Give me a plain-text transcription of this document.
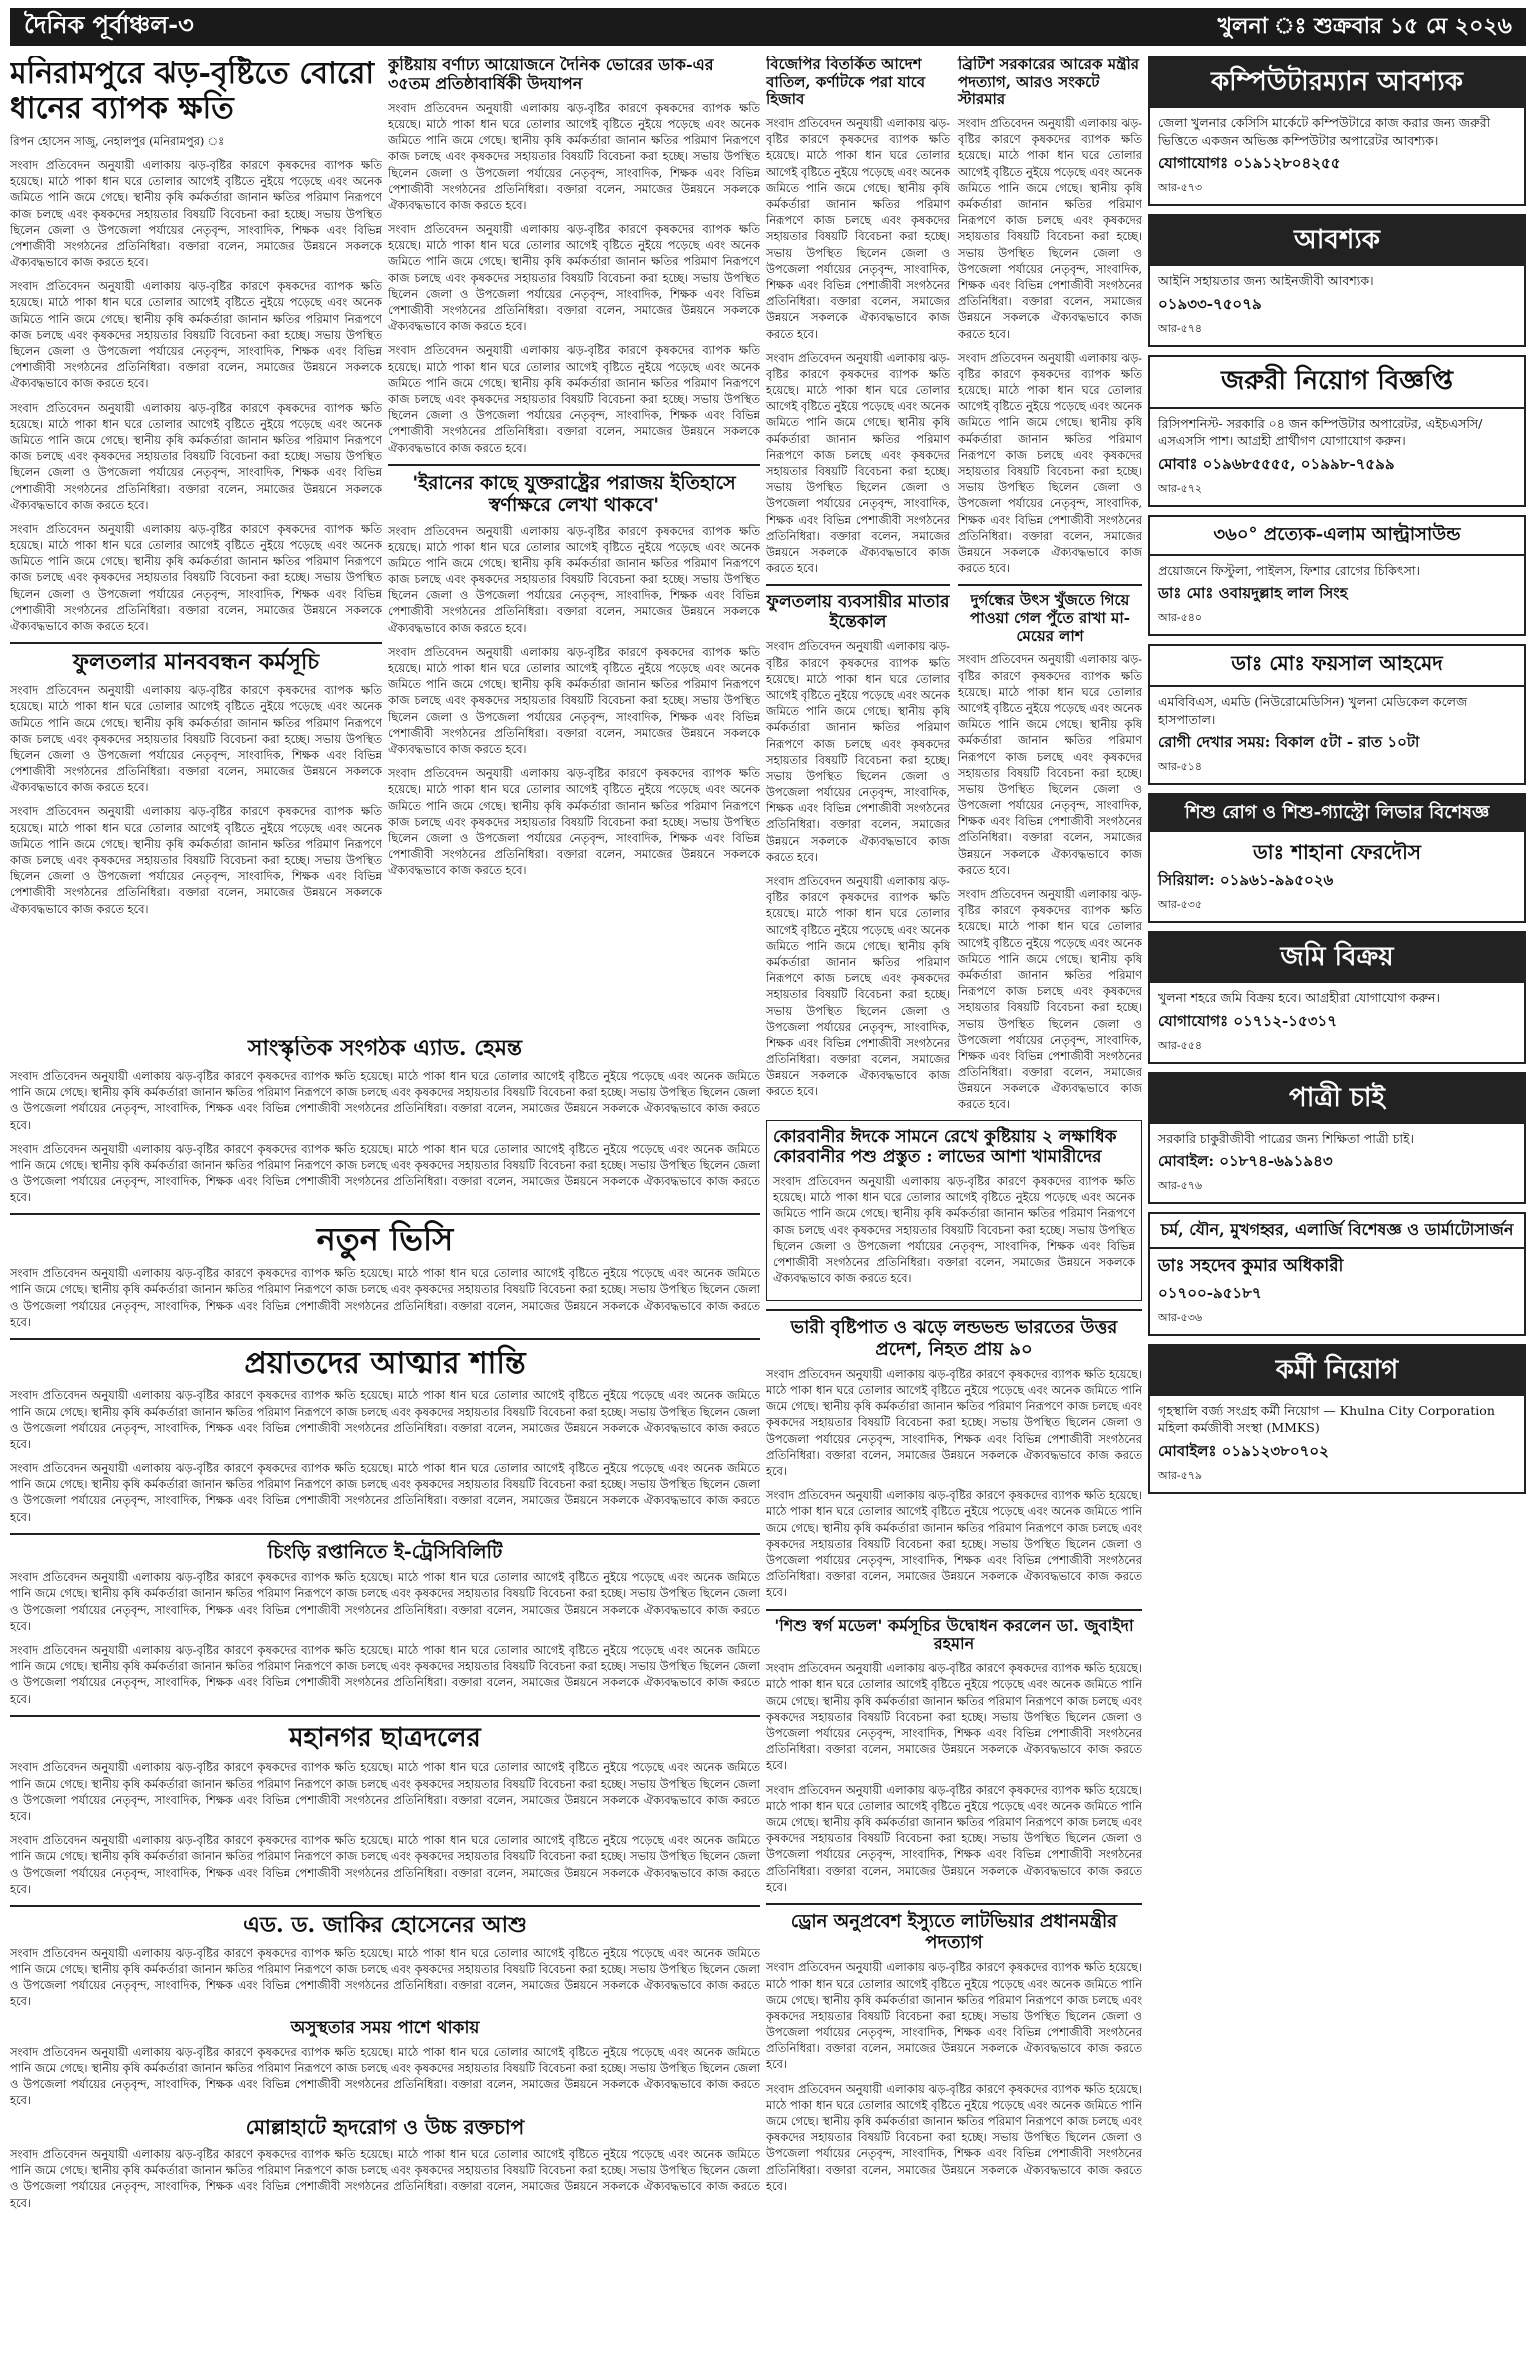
দৈনিক পূর্বাঞ্চল-৩	খুলনা ঃ শুক্রবার ১৫ মে ২০২৬
মনিরামপুরে ঝড়-বৃষ্টিতে বোরো ধানের ব্যাপক ক্ষতি

রিপন হোসেন সাজু, নেহালপুর (মনিরামপুর) ঃ

সংবাদ প্রতিবেদন অনুযায়ী এলাকায় ঝড়-বৃষ্টির কারণে কৃষকদের ব্যাপক ক্ষতি হয়েছে। মাঠে পাকা ধান ঘরে তোলার আগেই বৃষ্টিতে নুইয়ে পড়েছে এবং অনেক জমিতে পানি জমে গেছে। স্থানীয় কৃষি কর্মকর্তারা জানান ক্ষতির পরিমাণ নিরূপণে কাজ চলছে এবং কৃষকদের সহায়তার বিষয়টি বিবেচনা করা হচ্ছে। সভায় উপস্থিত ছিলেন জেলা ও উপজেলা পর্যায়ের নেতৃবৃন্দ, সাংবাদিক, শিক্ষক এবং বিভিন্ন পেশাজীবী সংগঠনের প্রতিনিধিরা। বক্তারা বলেন, সমাজের উন্নয়নে সকলকে ঐক্যবদ্ধভাবে কাজ করতে হবে।

সংবাদ প্রতিবেদন অনুযায়ী এলাকায় ঝড়-বৃষ্টির কারণে কৃষকদের ব্যাপক ক্ষতি হয়েছে। মাঠে পাকা ধান ঘরে তোলার আগেই বৃষ্টিতে নুইয়ে পড়েছে এবং অনেক জমিতে পানি জমে গেছে। স্থানীয় কৃষি কর্মকর্তারা জানান ক্ষতির পরিমাণ নিরূপণে কাজ চলছে এবং কৃষকদের সহায়তার বিষয়টি বিবেচনা করা হচ্ছে। সভায় উপস্থিত ছিলেন জেলা ও উপজেলা পর্যায়ের নেতৃবৃন্দ, সাংবাদিক, শিক্ষক এবং বিভিন্ন পেশাজীবী সংগঠনের প্রতিনিধিরা। বক্তারা বলেন, সমাজের উন্নয়নে সকলকে ঐক্যবদ্ধভাবে কাজ করতে হবে।

সংবাদ প্রতিবেদন অনুযায়ী এলাকায় ঝড়-বৃষ্টির কারণে কৃষকদের ব্যাপক ক্ষতি হয়েছে। মাঠে পাকা ধান ঘরে তোলার আগেই বৃষ্টিতে নুইয়ে পড়েছে এবং অনেক জমিতে পানি জমে গেছে। স্থানীয় কৃষি কর্মকর্তারা জানান ক্ষতির পরিমাণ নিরূপণে কাজ চলছে এবং কৃষকদের সহায়তার বিষয়টি বিবেচনা করা হচ্ছে। সভায় উপস্থিত ছিলেন জেলা ও উপজেলা পর্যায়ের নেতৃবৃন্দ, সাংবাদিক, শিক্ষক এবং বিভিন্ন পেশাজীবী সংগঠনের প্রতিনিধিরা। বক্তারা বলেন, সমাজের উন্নয়নে সকলকে ঐক্যবদ্ধভাবে কাজ করতে হবে।

সংবাদ প্রতিবেদন অনুযায়ী এলাকায় ঝড়-বৃষ্টির কারণে কৃষকদের ব্যাপক ক্ষতি হয়েছে। মাঠে পাকা ধান ঘরে তোলার আগেই বৃষ্টিতে নুইয়ে পড়েছে এবং অনেক জমিতে পানি জমে গেছে। স্থানীয় কৃষি কর্মকর্তারা জানান ক্ষতির পরিমাণ নিরূপণে কাজ চলছে এবং কৃষকদের সহায়তার বিষয়টি বিবেচনা করা হচ্ছে। সভায় উপস্থিত ছিলেন জেলা ও উপজেলা পর্যায়ের নেতৃবৃন্দ, সাংবাদিক, শিক্ষক এবং বিভিন্ন পেশাজীবী সংগঠনের প্রতিনিধিরা। বক্তারা বলেন, সমাজের উন্নয়নে সকলকে ঐক্যবদ্ধভাবে কাজ করতে হবে।

ফুলতলার মানববন্ধন কর্মসূচি

সংবাদ প্রতিবেদন অনুযায়ী এলাকায় ঝড়-বৃষ্টির কারণে কৃষকদের ব্যাপক ক্ষতি হয়েছে। মাঠে পাকা ধান ঘরে তোলার আগেই বৃষ্টিতে নুইয়ে পড়েছে এবং অনেক জমিতে পানি জমে গেছে। স্থানীয় কৃষি কর্মকর্তারা জানান ক্ষতির পরিমাণ নিরূপণে কাজ চলছে এবং কৃষকদের সহায়তার বিষয়টি বিবেচনা করা হচ্ছে। সভায় উপস্থিত ছিলেন জেলা ও উপজেলা পর্যায়ের নেতৃবৃন্দ, সাংবাদিক, শিক্ষক এবং বিভিন্ন পেশাজীবী সংগঠনের প্রতিনিধিরা। বক্তারা বলেন, সমাজের উন্নয়নে সকলকে ঐক্যবদ্ধভাবে কাজ করতে হবে।

সংবাদ প্রতিবেদন অনুযায়ী এলাকায় ঝড়-বৃষ্টির কারণে কৃষকদের ব্যাপক ক্ষতি হয়েছে। মাঠে পাকা ধান ঘরে তোলার আগেই বৃষ্টিতে নুইয়ে পড়েছে এবং অনেক জমিতে পানি জমে গেছে। স্থানীয় কৃষি কর্মকর্তারা জানান ক্ষতির পরিমাণ নিরূপণে কাজ চলছে এবং কৃষকদের সহায়তার বিষয়টি বিবেচনা করা হচ্ছে। সভায় উপস্থিত ছিলেন জেলা ও উপজেলা পর্যায়ের নেতৃবৃন্দ, সাংবাদিক, শিক্ষক এবং বিভিন্ন পেশাজীবী সংগঠনের প্রতিনিধিরা। বক্তারা বলেন, সমাজের উন্নয়নে সকলকে ঐক্যবদ্ধভাবে কাজ করতে হবে।

কুষ্টিয়ায় বর্ণাঢ্য আয়োজনে দৈনিক ভোরের ডাক-এর ৩৫তম প্রতিষ্ঠাবার্ষিকী উদযাপন

সংবাদ প্রতিবেদন অনুযায়ী এলাকায় ঝড়-বৃষ্টির কারণে কৃষকদের ব্যাপক ক্ষতি হয়েছে। মাঠে পাকা ধান ঘরে তোলার আগেই বৃষ্টিতে নুইয়ে পড়েছে এবং অনেক জমিতে পানি জমে গেছে। স্থানীয় কৃষি কর্মকর্তারা জানান ক্ষতির পরিমাণ নিরূপণে কাজ চলছে এবং কৃষকদের সহায়তার বিষয়টি বিবেচনা করা হচ্ছে। সভায় উপস্থিত ছিলেন জেলা ও উপজেলা পর্যায়ের নেতৃবৃন্দ, সাংবাদিক, শিক্ষক এবং বিভিন্ন পেশাজীবী সংগঠনের প্রতিনিধিরা। বক্তারা বলেন, সমাজের উন্নয়নে সকলকে ঐক্যবদ্ধভাবে কাজ করতে হবে।

সংবাদ প্রতিবেদন অনুযায়ী এলাকায় ঝড়-বৃষ্টির কারণে কৃষকদের ব্যাপক ক্ষতি হয়েছে। মাঠে পাকা ধান ঘরে তোলার আগেই বৃষ্টিতে নুইয়ে পড়েছে এবং অনেক জমিতে পানি জমে গেছে। স্থানীয় কৃষি কর্মকর্তারা জানান ক্ষতির পরিমাণ নিরূপণে কাজ চলছে এবং কৃষকদের সহায়তার বিষয়টি বিবেচনা করা হচ্ছে। সভায় উপস্থিত ছিলেন জেলা ও উপজেলা পর্যায়ের নেতৃবৃন্দ, সাংবাদিক, শিক্ষক এবং বিভিন্ন পেশাজীবী সংগঠনের প্রতিনিধিরা। বক্তারা বলেন, সমাজের উন্নয়নে সকলকে ঐক্যবদ্ধভাবে কাজ করতে হবে।

সংবাদ প্রতিবেদন অনুযায়ী এলাকায় ঝড়-বৃষ্টির কারণে কৃষকদের ব্যাপক ক্ষতি হয়েছে। মাঠে পাকা ধান ঘরে তোলার আগেই বৃষ্টিতে নুইয়ে পড়েছে এবং অনেক জমিতে পানি জমে গেছে। স্থানীয় কৃষি কর্মকর্তারা জানান ক্ষতির পরিমাণ নিরূপণে কাজ চলছে এবং কৃষকদের সহায়তার বিষয়টি বিবেচনা করা হচ্ছে। সভায় উপস্থিত ছিলেন জেলা ও উপজেলা পর্যায়ের নেতৃবৃন্দ, সাংবাদিক, শিক্ষক এবং বিভিন্ন পেশাজীবী সংগঠনের প্রতিনিধিরা। বক্তারা বলেন, সমাজের উন্নয়নে সকলকে ঐক্যবদ্ধভাবে কাজ করতে হবে।

'ইরানের কাছে যুক্তরাষ্ট্রের পরাজয় ইতিহাসে স্বর্ণাক্ষরে লেখা থাকবে'

সংবাদ প্রতিবেদন অনুযায়ী এলাকায় ঝড়-বৃষ্টির কারণে কৃষকদের ব্যাপক ক্ষতি হয়েছে। মাঠে পাকা ধান ঘরে তোলার আগেই বৃষ্টিতে নুইয়ে পড়েছে এবং অনেক জমিতে পানি জমে গেছে। স্থানীয় কৃষি কর্মকর্তারা জানান ক্ষতির পরিমাণ নিরূপণে কাজ চলছে এবং কৃষকদের সহায়তার বিষয়টি বিবেচনা করা হচ্ছে। সভায় উপস্থিত ছিলেন জেলা ও উপজেলা পর্যায়ের নেতৃবৃন্দ, সাংবাদিক, শিক্ষক এবং বিভিন্ন পেশাজীবী সংগঠনের প্রতিনিধিরা। বক্তারা বলেন, সমাজের উন্নয়নে সকলকে ঐক্যবদ্ধভাবে কাজ করতে হবে।

সংবাদ প্রতিবেদন অনুযায়ী এলাকায় ঝড়-বৃষ্টির কারণে কৃষকদের ব্যাপক ক্ষতি হয়েছে। মাঠে পাকা ধান ঘরে তোলার আগেই বৃষ্টিতে নুইয়ে পড়েছে এবং অনেক জমিতে পানি জমে গেছে। স্থানীয় কৃষি কর্মকর্তারা জানান ক্ষতির পরিমাণ নিরূপণে কাজ চলছে এবং কৃষকদের সহায়তার বিষয়টি বিবেচনা করা হচ্ছে। সভায় উপস্থিত ছিলেন জেলা ও উপজেলা পর্যায়ের নেতৃবৃন্দ, সাংবাদিক, শিক্ষক এবং বিভিন্ন পেশাজীবী সংগঠনের প্রতিনিধিরা। বক্তারা বলেন, সমাজের উন্নয়নে সকলকে ঐক্যবদ্ধভাবে কাজ করতে হবে।

সংবাদ প্রতিবেদন অনুযায়ী এলাকায় ঝড়-বৃষ্টির কারণে কৃষকদের ব্যাপক ক্ষতি হয়েছে। মাঠে পাকা ধান ঘরে তোলার আগেই বৃষ্টিতে নুইয়ে পড়েছে এবং অনেক জমিতে পানি জমে গেছে। স্থানীয় কৃষি কর্মকর্তারা জানান ক্ষতির পরিমাণ নিরূপণে কাজ চলছে এবং কৃষকদের সহায়তার বিষয়টি বিবেচনা করা হচ্ছে। সভায় উপস্থিত ছিলেন জেলা ও উপজেলা পর্যায়ের নেতৃবৃন্দ, সাংবাদিক, শিক্ষক এবং বিভিন্ন পেশাজীবী সংগঠনের প্রতিনিধিরা। বক্তারা বলেন, সমাজের উন্নয়নে সকলকে ঐক্যবদ্ধভাবে কাজ করতে হবে।

বিজেপির বিতর্কিত আদেশ বাতিল, কর্ণাটকে পরা যাবে হিজাব

সংবাদ প্রতিবেদন অনুযায়ী এলাকায় ঝড়-বৃষ্টির কারণে কৃষকদের ব্যাপক ক্ষতি হয়েছে। মাঠে পাকা ধান ঘরে তোলার আগেই বৃষ্টিতে নুইয়ে পড়েছে এবং অনেক জমিতে পানি জমে গেছে। স্থানীয় কৃষি কর্মকর্তারা জানান ক্ষতির পরিমাণ নিরূপণে কাজ চলছে এবং কৃষকদের সহায়তার বিষয়টি বিবেচনা করা হচ্ছে। সভায় উপস্থিত ছিলেন জেলা ও উপজেলা পর্যায়ের নেতৃবৃন্দ, সাংবাদিক, শিক্ষক এবং বিভিন্ন পেশাজীবী সংগঠনের প্রতিনিধিরা। বক্তারা বলেন, সমাজের উন্নয়নে সকলকে ঐক্যবদ্ধভাবে কাজ করতে হবে।

সংবাদ প্রতিবেদন অনুযায়ী এলাকায় ঝড়-বৃষ্টির কারণে কৃষকদের ব্যাপক ক্ষতি হয়েছে। মাঠে পাকা ধান ঘরে তোলার আগেই বৃষ্টিতে নুইয়ে পড়েছে এবং অনেক জমিতে পানি জমে গেছে। স্থানীয় কৃষি কর্মকর্তারা জানান ক্ষতির পরিমাণ নিরূপণে কাজ চলছে এবং কৃষকদের সহায়তার বিষয়টি বিবেচনা করা হচ্ছে। সভায় উপস্থিত ছিলেন জেলা ও উপজেলা পর্যায়ের নেতৃবৃন্দ, সাংবাদিক, শিক্ষক এবং বিভিন্ন পেশাজীবী সংগঠনের প্রতিনিধিরা। বক্তারা বলেন, সমাজের উন্নয়নে সকলকে ঐক্যবদ্ধভাবে কাজ করতে হবে।

ফুলতলায় ব্যবসায়ীর মাতার ইন্তেকাল

সংবাদ প্রতিবেদন অনুযায়ী এলাকায় ঝড়-বৃষ্টির কারণে কৃষকদের ব্যাপক ক্ষতি হয়েছে। মাঠে পাকা ধান ঘরে তোলার আগেই বৃষ্টিতে নুইয়ে পড়েছে এবং অনেক জমিতে পানি জমে গেছে। স্থানীয় কৃষি কর্মকর্তারা জানান ক্ষতির পরিমাণ নিরূপণে কাজ চলছে এবং কৃষকদের সহায়তার বিষয়টি বিবেচনা করা হচ্ছে। সভায় উপস্থিত ছিলেন জেলা ও উপজেলা পর্যায়ের নেতৃবৃন্দ, সাংবাদিক, শিক্ষক এবং বিভিন্ন পেশাজীবী সংগঠনের প্রতিনিধিরা। বক্তারা বলেন, সমাজের উন্নয়নে সকলকে ঐক্যবদ্ধভাবে কাজ করতে হবে।

সংবাদ প্রতিবেদন অনুযায়ী এলাকায় ঝড়-বৃষ্টির কারণে কৃষকদের ব্যাপক ক্ষতি হয়েছে। মাঠে পাকা ধান ঘরে তোলার আগেই বৃষ্টিতে নুইয়ে পড়েছে এবং অনেক জমিতে পানি জমে গেছে। স্থানীয় কৃষি কর্মকর্তারা জানান ক্ষতির পরিমাণ নিরূপণে কাজ চলছে এবং কৃষকদের সহায়তার বিষয়টি বিবেচনা করা হচ্ছে। সভায় উপস্থিত ছিলেন জেলা ও উপজেলা পর্যায়ের নেতৃবৃন্দ, সাংবাদিক, শিক্ষক এবং বিভিন্ন পেশাজীবী সংগঠনের প্রতিনিধিরা। বক্তারা বলেন, সমাজের উন্নয়নে সকলকে ঐক্যবদ্ধভাবে কাজ করতে হবে।

ব্রিটিশ সরকারের আরেক মন্ত্রীর পদত্যাগ, আরও সংকটে স্টারমার

সংবাদ প্রতিবেদন অনুযায়ী এলাকায় ঝড়-বৃষ্টির কারণে কৃষকদের ব্যাপক ক্ষতি হয়েছে। মাঠে পাকা ধান ঘরে তোলার আগেই বৃষ্টিতে নুইয়ে পড়েছে এবং অনেক জমিতে পানি জমে গেছে। স্থানীয় কৃষি কর্মকর্তারা জানান ক্ষতির পরিমাণ নিরূপণে কাজ চলছে এবং কৃষকদের সহায়তার বিষয়টি বিবেচনা করা হচ্ছে। সভায় উপস্থিত ছিলেন জেলা ও উপজেলা পর্যায়ের নেতৃবৃন্দ, সাংবাদিক, শিক্ষক এবং বিভিন্ন পেশাজীবী সংগঠনের প্রতিনিধিরা। বক্তারা বলেন, সমাজের উন্নয়নে সকলকে ঐক্যবদ্ধভাবে কাজ করতে হবে।

সংবাদ প্রতিবেদন অনুযায়ী এলাকায় ঝড়-বৃষ্টির কারণে কৃষকদের ব্যাপক ক্ষতি হয়েছে। মাঠে পাকা ধান ঘরে তোলার আগেই বৃষ্টিতে নুইয়ে পড়েছে এবং অনেক জমিতে পানি জমে গেছে। স্থানীয় কৃষি কর্মকর্তারা জানান ক্ষতির পরিমাণ নিরূপণে কাজ চলছে এবং কৃষকদের সহায়তার বিষয়টি বিবেচনা করা হচ্ছে। সভায় উপস্থিত ছিলেন জেলা ও উপজেলা পর্যায়ের নেতৃবৃন্দ, সাংবাদিক, শিক্ষক এবং বিভিন্ন পেশাজীবী সংগঠনের প্রতিনিধিরা। বক্তারা বলেন, সমাজের উন্নয়নে সকলকে ঐক্যবদ্ধভাবে কাজ করতে হবে।

দুর্গন্ধের উৎস খুঁজতে গিয়ে পাওয়া গেল পুঁতে রাখা মা-মেয়ের লাশ

সংবাদ প্রতিবেদন অনুযায়ী এলাকায় ঝড়-বৃষ্টির কারণে কৃষকদের ব্যাপক ক্ষতি হয়েছে। মাঠে পাকা ধান ঘরে তোলার আগেই বৃষ্টিতে নুইয়ে পড়েছে এবং অনেক জমিতে পানি জমে গেছে। স্থানীয় কৃষি কর্মকর্তারা জানান ক্ষতির পরিমাণ নিরূপণে কাজ চলছে এবং কৃষকদের সহায়তার বিষয়টি বিবেচনা করা হচ্ছে। সভায় উপস্থিত ছিলেন জেলা ও উপজেলা পর্যায়ের নেতৃবৃন্দ, সাংবাদিক, শিক্ষক এবং বিভিন্ন পেশাজীবী সংগঠনের প্রতিনিধিরা। বক্তারা বলেন, সমাজের উন্নয়নে সকলকে ঐক্যবদ্ধভাবে কাজ করতে হবে।

সংবাদ প্রতিবেদন অনুযায়ী এলাকায় ঝড়-বৃষ্টির কারণে কৃষকদের ব্যাপক ক্ষতি হয়েছে। মাঠে পাকা ধান ঘরে তোলার আগেই বৃষ্টিতে নুইয়ে পড়েছে এবং অনেক জমিতে পানি জমে গেছে। স্থানীয় কৃষি কর্মকর্তারা জানান ক্ষতির পরিমাণ নিরূপণে কাজ চলছে এবং কৃষকদের সহায়তার বিষয়টি বিবেচনা করা হচ্ছে। সভায় উপস্থিত ছিলেন জেলা ও উপজেলা পর্যায়ের নেতৃবৃন্দ, সাংবাদিক, শিক্ষক এবং বিভিন্ন পেশাজীবী সংগঠনের প্রতিনিধিরা। বক্তারা বলেন, সমাজের উন্নয়নে সকলকে ঐক্যবদ্ধভাবে কাজ করতে হবে।

কম্পিউটারম্যান আবশ্যক
জেলা খুলনার কেসিসি মার্কেটে কম্পিউটারে কাজ করার জন্য জরুরী ভিত্তিতে একজন অভিজ্ঞ কম্পিউটার অপারেটর আবশ্যক।
যোগাযোগঃ ০১৯১২৮০৪২৫৫
আর-৫৭৩
আবশ্যক
আইনি সহায়তার জন্য আইনজীবী আবশ্যক।
০১৯৩৩-৭৫০৭৯
আর-৫৭৪
জরুরী নিয়োগ বিজ্ঞপ্তি
রিসিপশনিস্ট- সরকারি ০৪ জন কম্পিউটার অপারেটর, এইচএসসি/এসএসসি পাশ। আগ্রহী প্রার্থীগণ যোগাযোগ করুন।
মোবাঃ ০১৯৬৮৫৫৫৫, ০১৯৯৮-৭৫৯৯
আর-৫৭২
৩৬০° প্রত্যেক-এলাম আল্ট্রাসাউন্ড
প্রয়োজনে ফিস্টুলা, পাইলস, ফিশার রোগের চিকিৎসা।
ডাঃ মোঃ ওবায়দুল্লাহ লাল সিংহ
আর-৫৪০
ডাঃ মোঃ ফয়সাল আহমেদ
এমবিবিএস, এমডি (নিউরোমেডিসিন) খুলনা মেডিকেল কলেজ হাসপাতাল।
রোগী দেখার সময়: বিকাল ৫টা - রাত ১০টা
আর-৫১৪
শিশু রোগ ও শিশু-গ্যাস্ট্রো লিভার বিশেষজ্ঞ
ডাঃ শাহানা ফেরদৌস
সিরিয়াল: ০১৯৬১-৯৯৫০২৬
আর-৫৩৫
জমি বিক্রয়
খুলনা শহরে জমি বিক্রয় হবে। আগ্রহীরা যোগাযোগ করুন।
যোগাযোগঃ ০১৭১২-১৫৩১৭
আর-৫৫৪
পাত্রী চাই
সরকারি চাকুরীজীবী পাত্রের জন্য শিক্ষিতা পাত্রী চাই।
মোবাইল: ০১৮৭৪-৬৯১৯৪৩
আর-৫৭৬
চর্ম, যৌন, মুখগহ্বর, এলার্জি বিশেষজ্ঞ ও ডার্মাটোসার্জন
ডাঃ সহদেব কুমার অধিকারী
০১৭০০-৯৫১৮৭
আর-৫৩৬
কর্মী নিয়োগ
গৃহস্থালি বর্জ্য সংগ্রহ কর্মী নিয়োগ — Khulna City Corporation মহিলা কর্মজীবী সংস্থা (MMKS)
মোবাইলঃ ০১৯১২৩৮০৭০২
আর-৫৭৯
কোরবানীর ঈদকে সামনে রেখে কুষ্টিয়ায় ২ লক্ষাধিক কোরবানীর পশু প্রস্তুত : লাভের আশা খামারীদের

সংবাদ প্রতিবেদন অনুযায়ী এলাকায় ঝড়-বৃষ্টির কারণে কৃষকদের ব্যাপক ক্ষতি হয়েছে। মাঠে পাকা ধান ঘরে তোলার আগেই বৃষ্টিতে নুইয়ে পড়েছে এবং অনেক জমিতে পানি জমে গেছে। স্থানীয় কৃষি কর্মকর্তারা জানান ক্ষতির পরিমাণ নিরূপণে কাজ চলছে এবং কৃষকদের সহায়তার বিষয়টি বিবেচনা করা হচ্ছে। সভায় উপস্থিত ছিলেন জেলা ও উপজেলা পর্যায়ের নেতৃবৃন্দ, সাংবাদিক, শিক্ষক এবং বিভিন্ন পেশাজীবী সংগঠনের প্রতিনিধিরা। বক্তারা বলেন, সমাজের উন্নয়নে সকলকে ঐক্যবদ্ধভাবে কাজ করতে হবে।

ভারী বৃষ্টিপাত ও ঝড়ে লন্ডভন্ড ভারতের উত্তর প্রদেশ, নিহত প্রায় ৯০

সংবাদ প্রতিবেদন অনুযায়ী এলাকায় ঝড়-বৃষ্টির কারণে কৃষকদের ব্যাপক ক্ষতি হয়েছে। মাঠে পাকা ধান ঘরে তোলার আগেই বৃষ্টিতে নুইয়ে পড়েছে এবং অনেক জমিতে পানি জমে গেছে। স্থানীয় কৃষি কর্মকর্তারা জানান ক্ষতির পরিমাণ নিরূপণে কাজ চলছে এবং কৃষকদের সহায়তার বিষয়টি বিবেচনা করা হচ্ছে। সভায় উপস্থিত ছিলেন জেলা ও উপজেলা পর্যায়ের নেতৃবৃন্দ, সাংবাদিক, শিক্ষক এবং বিভিন্ন পেশাজীবী সংগঠনের প্রতিনিধিরা। বক্তারা বলেন, সমাজের উন্নয়নে সকলকে ঐক্যবদ্ধভাবে কাজ করতে হবে।

সংবাদ প্রতিবেদন অনুযায়ী এলাকায় ঝড়-বৃষ্টির কারণে কৃষকদের ব্যাপক ক্ষতি হয়েছে। মাঠে পাকা ধান ঘরে তোলার আগেই বৃষ্টিতে নুইয়ে পড়েছে এবং অনেক জমিতে পানি জমে গেছে। স্থানীয় কৃষি কর্মকর্তারা জানান ক্ষতির পরিমাণ নিরূপণে কাজ চলছে এবং কৃষকদের সহায়তার বিষয়টি বিবেচনা করা হচ্ছে। সভায় উপস্থিত ছিলেন জেলা ও উপজেলা পর্যায়ের নেতৃবৃন্দ, সাংবাদিক, শিক্ষক এবং বিভিন্ন পেশাজীবী সংগঠনের প্রতিনিধিরা। বক্তারা বলেন, সমাজের উন্নয়নে সকলকে ঐক্যবদ্ধভাবে কাজ করতে হবে।

'শিশু স্বর্গ মডেল' কর্মসূচির উদ্বোধন করলেন ডা. জুবাইদা রহমান

সংবাদ প্রতিবেদন অনুযায়ী এলাকায় ঝড়-বৃষ্টির কারণে কৃষকদের ব্যাপক ক্ষতি হয়েছে। মাঠে পাকা ধান ঘরে তোলার আগেই বৃষ্টিতে নুইয়ে পড়েছে এবং অনেক জমিতে পানি জমে গেছে। স্থানীয় কৃষি কর্মকর্তারা জানান ক্ষতির পরিমাণ নিরূপণে কাজ চলছে এবং কৃষকদের সহায়তার বিষয়টি বিবেচনা করা হচ্ছে। সভায় উপস্থিত ছিলেন জেলা ও উপজেলা পর্যায়ের নেতৃবৃন্দ, সাংবাদিক, শিক্ষক এবং বিভিন্ন পেশাজীবী সংগঠনের প্রতিনিধিরা। বক্তারা বলেন, সমাজের উন্নয়নে সকলকে ঐক্যবদ্ধভাবে কাজ করতে হবে।

সংবাদ প্রতিবেদন অনুযায়ী এলাকায় ঝড়-বৃষ্টির কারণে কৃষকদের ব্যাপক ক্ষতি হয়েছে। মাঠে পাকা ধান ঘরে তোলার আগেই বৃষ্টিতে নুইয়ে পড়েছে এবং অনেক জমিতে পানি জমে গেছে। স্থানীয় কৃষি কর্মকর্তারা জানান ক্ষতির পরিমাণ নিরূপণে কাজ চলছে এবং কৃষকদের সহায়তার বিষয়টি বিবেচনা করা হচ্ছে। সভায় উপস্থিত ছিলেন জেলা ও উপজেলা পর্যায়ের নেতৃবৃন্দ, সাংবাদিক, শিক্ষক এবং বিভিন্ন পেশাজীবী সংগঠনের প্রতিনিধিরা। বক্তারা বলেন, সমাজের উন্নয়নে সকলকে ঐক্যবদ্ধভাবে কাজ করতে হবে।

ড্রোন অনুপ্রবেশ ইস্যুতে লাটভিয়ার প্রধানমন্ত্রীর পদত্যাগ

সংবাদ প্রতিবেদন অনুযায়ী এলাকায় ঝড়-বৃষ্টির কারণে কৃষকদের ব্যাপক ক্ষতি হয়েছে। মাঠে পাকা ধান ঘরে তোলার আগেই বৃষ্টিতে নুইয়ে পড়েছে এবং অনেক জমিতে পানি জমে গেছে। স্থানীয় কৃষি কর্মকর্তারা জানান ক্ষতির পরিমাণ নিরূপণে কাজ চলছে এবং কৃষকদের সহায়তার বিষয়টি বিবেচনা করা হচ্ছে। সভায় উপস্থিত ছিলেন জেলা ও উপজেলা পর্যায়ের নেতৃবৃন্দ, সাংবাদিক, শিক্ষক এবং বিভিন্ন পেশাজীবী সংগঠনের প্রতিনিধিরা। বক্তারা বলেন, সমাজের উন্নয়নে সকলকে ঐক্যবদ্ধভাবে কাজ করতে হবে।

সংবাদ প্রতিবেদন অনুযায়ী এলাকায় ঝড়-বৃষ্টির কারণে কৃষকদের ব্যাপক ক্ষতি হয়েছে। মাঠে পাকা ধান ঘরে তোলার আগেই বৃষ্টিতে নুইয়ে পড়েছে এবং অনেক জমিতে পানি জমে গেছে। স্থানীয় কৃষি কর্মকর্তারা জানান ক্ষতির পরিমাণ নিরূপণে কাজ চলছে এবং কৃষকদের সহায়তার বিষয়টি বিবেচনা করা হচ্ছে। সভায় উপস্থিত ছিলেন জেলা ও উপজেলা পর্যায়ের নেতৃবৃন্দ, সাংবাদিক, শিক্ষক এবং বিভিন্ন পেশাজীবী সংগঠনের প্রতিনিধিরা। বক্তারা বলেন, সমাজের উন্নয়নে সকলকে ঐক্যবদ্ধভাবে কাজ করতে হবে।

সাংস্কৃতিক সংগঠক এ্যাড. হেমন্ত

সংবাদ প্রতিবেদন অনুযায়ী এলাকায় ঝড়-বৃষ্টির কারণে কৃষকদের ব্যাপক ক্ষতি হয়েছে। মাঠে পাকা ধান ঘরে তোলার আগেই বৃষ্টিতে নুইয়ে পড়েছে এবং অনেক জমিতে পানি জমে গেছে। স্থানীয় কৃষি কর্মকর্তারা জানান ক্ষতির পরিমাণ নিরূপণে কাজ চলছে এবং কৃষকদের সহায়তার বিষয়টি বিবেচনা করা হচ্ছে। সভায় উপস্থিত ছিলেন জেলা ও উপজেলা পর্যায়ের নেতৃবৃন্দ, সাংবাদিক, শিক্ষক এবং বিভিন্ন পেশাজীবী সংগঠনের প্রতিনিধিরা। বক্তারা বলেন, সমাজের উন্নয়নে সকলকে ঐক্যবদ্ধভাবে কাজ করতে হবে।

সংবাদ প্রতিবেদন অনুযায়ী এলাকায় ঝড়-বৃষ্টির কারণে কৃষকদের ব্যাপক ক্ষতি হয়েছে। মাঠে পাকা ধান ঘরে তোলার আগেই বৃষ্টিতে নুইয়ে পড়েছে এবং অনেক জমিতে পানি জমে গেছে। স্থানীয় কৃষি কর্মকর্তারা জানান ক্ষতির পরিমাণ নিরূপণে কাজ চলছে এবং কৃষকদের সহায়তার বিষয়টি বিবেচনা করা হচ্ছে। সভায় উপস্থিত ছিলেন জেলা ও উপজেলা পর্যায়ের নেতৃবৃন্দ, সাংবাদিক, শিক্ষক এবং বিভিন্ন পেশাজীবী সংগঠনের প্রতিনিধিরা। বক্তারা বলেন, সমাজের উন্নয়নে সকলকে ঐক্যবদ্ধভাবে কাজ করতে হবে।

নতুন ভিসি

সংবাদ প্রতিবেদন অনুযায়ী এলাকায় ঝড়-বৃষ্টির কারণে কৃষকদের ব্যাপক ক্ষতি হয়েছে। মাঠে পাকা ধান ঘরে তোলার আগেই বৃষ্টিতে নুইয়ে পড়েছে এবং অনেক জমিতে পানি জমে গেছে। স্থানীয় কৃষি কর্মকর্তারা জানান ক্ষতির পরিমাণ নিরূপণে কাজ চলছে এবং কৃষকদের সহায়তার বিষয়টি বিবেচনা করা হচ্ছে। সভায় উপস্থিত ছিলেন জেলা ও উপজেলা পর্যায়ের নেতৃবৃন্দ, সাংবাদিক, শিক্ষক এবং বিভিন্ন পেশাজীবী সংগঠনের প্রতিনিধিরা। বক্তারা বলেন, সমাজের উন্নয়নে সকলকে ঐক্যবদ্ধভাবে কাজ করতে হবে।

প্রয়াতদের আত্মার শান্তি

সংবাদ প্রতিবেদন অনুযায়ী এলাকায় ঝড়-বৃষ্টির কারণে কৃষকদের ব্যাপক ক্ষতি হয়েছে। মাঠে পাকা ধান ঘরে তোলার আগেই বৃষ্টিতে নুইয়ে পড়েছে এবং অনেক জমিতে পানি জমে গেছে। স্থানীয় কৃষি কর্মকর্তারা জানান ক্ষতির পরিমাণ নিরূপণে কাজ চলছে এবং কৃষকদের সহায়তার বিষয়টি বিবেচনা করা হচ্ছে। সভায় উপস্থিত ছিলেন জেলা ও উপজেলা পর্যায়ের নেতৃবৃন্দ, সাংবাদিক, শিক্ষক এবং বিভিন্ন পেশাজীবী সংগঠনের প্রতিনিধিরা। বক্তারা বলেন, সমাজের উন্নয়নে সকলকে ঐক্যবদ্ধভাবে কাজ করতে হবে।

সংবাদ প্রতিবেদন অনুযায়ী এলাকায় ঝড়-বৃষ্টির কারণে কৃষকদের ব্যাপক ক্ষতি হয়েছে। মাঠে পাকা ধান ঘরে তোলার আগেই বৃষ্টিতে নুইয়ে পড়েছে এবং অনেক জমিতে পানি জমে গেছে। স্থানীয় কৃষি কর্মকর্তারা জানান ক্ষতির পরিমাণ নিরূপণে কাজ চলছে এবং কৃষকদের সহায়তার বিষয়টি বিবেচনা করা হচ্ছে। সভায় উপস্থিত ছিলেন জেলা ও উপজেলা পর্যায়ের নেতৃবৃন্দ, সাংবাদিক, শিক্ষক এবং বিভিন্ন পেশাজীবী সংগঠনের প্রতিনিধিরা। বক্তারা বলেন, সমাজের উন্নয়নে সকলকে ঐক্যবদ্ধভাবে কাজ করতে হবে।

চিংড়ি রপ্তানিতে ই-ট্রেসিবিলিটি

সংবাদ প্রতিবেদন অনুযায়ী এলাকায় ঝড়-বৃষ্টির কারণে কৃষকদের ব্যাপক ক্ষতি হয়েছে। মাঠে পাকা ধান ঘরে তোলার আগেই বৃষ্টিতে নুইয়ে পড়েছে এবং অনেক জমিতে পানি জমে গেছে। স্থানীয় কৃষি কর্মকর্তারা জানান ক্ষতির পরিমাণ নিরূপণে কাজ চলছে এবং কৃষকদের সহায়তার বিষয়টি বিবেচনা করা হচ্ছে। সভায় উপস্থিত ছিলেন জেলা ও উপজেলা পর্যায়ের নেতৃবৃন্দ, সাংবাদিক, শিক্ষক এবং বিভিন্ন পেশাজীবী সংগঠনের প্রতিনিধিরা। বক্তারা বলেন, সমাজের উন্নয়নে সকলকে ঐক্যবদ্ধভাবে কাজ করতে হবে।

সংবাদ প্রতিবেদন অনুযায়ী এলাকায় ঝড়-বৃষ্টির কারণে কৃষকদের ব্যাপক ক্ষতি হয়েছে। মাঠে পাকা ধান ঘরে তোলার আগেই বৃষ্টিতে নুইয়ে পড়েছে এবং অনেক জমিতে পানি জমে গেছে। স্থানীয় কৃষি কর্মকর্তারা জানান ক্ষতির পরিমাণ নিরূপণে কাজ চলছে এবং কৃষকদের সহায়তার বিষয়টি বিবেচনা করা হচ্ছে। সভায় উপস্থিত ছিলেন জেলা ও উপজেলা পর্যায়ের নেতৃবৃন্দ, সাংবাদিক, শিক্ষক এবং বিভিন্ন পেশাজীবী সংগঠনের প্রতিনিধিরা। বক্তারা বলেন, সমাজের উন্নয়নে সকলকে ঐক্যবদ্ধভাবে কাজ করতে হবে।

মহানগর ছাত্রদলের

সংবাদ প্রতিবেদন অনুযায়ী এলাকায় ঝড়-বৃষ্টির কারণে কৃষকদের ব্যাপক ক্ষতি হয়েছে। মাঠে পাকা ধান ঘরে তোলার আগেই বৃষ্টিতে নুইয়ে পড়েছে এবং অনেক জমিতে পানি জমে গেছে। স্থানীয় কৃষি কর্মকর্তারা জানান ক্ষতির পরিমাণ নিরূপণে কাজ চলছে এবং কৃষকদের সহায়তার বিষয়টি বিবেচনা করা হচ্ছে। সভায় উপস্থিত ছিলেন জেলা ও উপজেলা পর্যায়ের নেতৃবৃন্দ, সাংবাদিক, শিক্ষক এবং বিভিন্ন পেশাজীবী সংগঠনের প্রতিনিধিরা। বক্তারা বলেন, সমাজের উন্নয়নে সকলকে ঐক্যবদ্ধভাবে কাজ করতে হবে।

সংবাদ প্রতিবেদন অনুযায়ী এলাকায় ঝড়-বৃষ্টির কারণে কৃষকদের ব্যাপক ক্ষতি হয়েছে। মাঠে পাকা ধান ঘরে তোলার আগেই বৃষ্টিতে নুইয়ে পড়েছে এবং অনেক জমিতে পানি জমে গেছে। স্থানীয় কৃষি কর্মকর্তারা জানান ক্ষতির পরিমাণ নিরূপণে কাজ চলছে এবং কৃষকদের সহায়তার বিষয়টি বিবেচনা করা হচ্ছে। সভায় উপস্থিত ছিলেন জেলা ও উপজেলা পর্যায়ের নেতৃবৃন্দ, সাংবাদিক, শিক্ষক এবং বিভিন্ন পেশাজীবী সংগঠনের প্রতিনিধিরা। বক্তারা বলেন, সমাজের উন্নয়নে সকলকে ঐক্যবদ্ধভাবে কাজ করতে হবে।

এড. ড. জাকির হোসেনের আশু

সংবাদ প্রতিবেদন অনুযায়ী এলাকায় ঝড়-বৃষ্টির কারণে কৃষকদের ব্যাপক ক্ষতি হয়েছে। মাঠে পাকা ধান ঘরে তোলার আগেই বৃষ্টিতে নুইয়ে পড়েছে এবং অনেক জমিতে পানি জমে গেছে। স্থানীয় কৃষি কর্মকর্তারা জানান ক্ষতির পরিমাণ নিরূপণে কাজ চলছে এবং কৃষকদের সহায়তার বিষয়টি বিবেচনা করা হচ্ছে। সভায় উপস্থিত ছিলেন জেলা ও উপজেলা পর্যায়ের নেতৃবৃন্দ, সাংবাদিক, শিক্ষক এবং বিভিন্ন পেশাজীবী সংগঠনের প্রতিনিধিরা। বক্তারা বলেন, সমাজের উন্নয়নে সকলকে ঐক্যবদ্ধভাবে কাজ করতে হবে।

অসুস্থতার সময় পাশে থাকায়

সংবাদ প্রতিবেদন অনুযায়ী এলাকায় ঝড়-বৃষ্টির কারণে কৃষকদের ব্যাপক ক্ষতি হয়েছে। মাঠে পাকা ধান ঘরে তোলার আগেই বৃষ্টিতে নুইয়ে পড়েছে এবং অনেক জমিতে পানি জমে গেছে। স্থানীয় কৃষি কর্মকর্তারা জানান ক্ষতির পরিমাণ নিরূপণে কাজ চলছে এবং কৃষকদের সহায়তার বিষয়টি বিবেচনা করা হচ্ছে। সভায় উপস্থিত ছিলেন জেলা ও উপজেলা পর্যায়ের নেতৃবৃন্দ, সাংবাদিক, শিক্ষক এবং বিভিন্ন পেশাজীবী সংগঠনের প্রতিনিধিরা। বক্তারা বলেন, সমাজের উন্নয়নে সকলকে ঐক্যবদ্ধভাবে কাজ করতে হবে।

মোল্লাহাটে হৃদরোগ ও উচ্চ রক্তচাপ

সংবাদ প্রতিবেদন অনুযায়ী এলাকায় ঝড়-বৃষ্টির কারণে কৃষকদের ব্যাপক ক্ষতি হয়েছে। মাঠে পাকা ধান ঘরে তোলার আগেই বৃষ্টিতে নুইয়ে পড়েছে এবং অনেক জমিতে পানি জমে গেছে। স্থানীয় কৃষি কর্মকর্তারা জানান ক্ষতির পরিমাণ নিরূপণে কাজ চলছে এবং কৃষকদের সহায়তার বিষয়টি বিবেচনা করা হচ্ছে। সভায় উপস্থিত ছিলেন জেলা ও উপজেলা পর্যায়ের নেতৃবৃন্দ, সাংবাদিক, শিক্ষক এবং বিভিন্ন পেশাজীবী সংগঠনের প্রতিনিধিরা। বক্তারা বলেন, সমাজের উন্নয়নে সকলকে ঐক্যবদ্ধভাবে কাজ করতে হবে।
